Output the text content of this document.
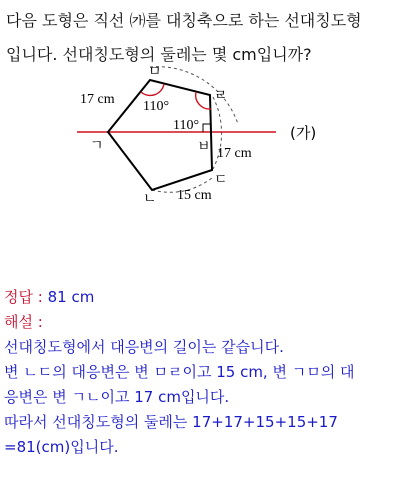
다음 도형은 직선 ㈎를 대칭축으로 하는 선대칭도형
입니다. 선대칭도형의 둘레는 몇 cm입니까?
ㅁ
ㄹ
ㄱ	ㅂ
ㄷ
ㄴ
17 cm
17 cm
15 cm
110°
110°	(가)
정답 : 81 cm
해설 :
선대칭도형에서 대응변의 길이는 같습니다.
변 ㄴㄷ의 대응변은 변 ㅁㄹ이고 15 cm, 변 ㄱㅁ의 대
응변은 변 ㄱㄴ이고 17 cm입니다.
따라서 선대칭도형의 둘레는 17+17+15+15+17
=81(cm)입니다.
